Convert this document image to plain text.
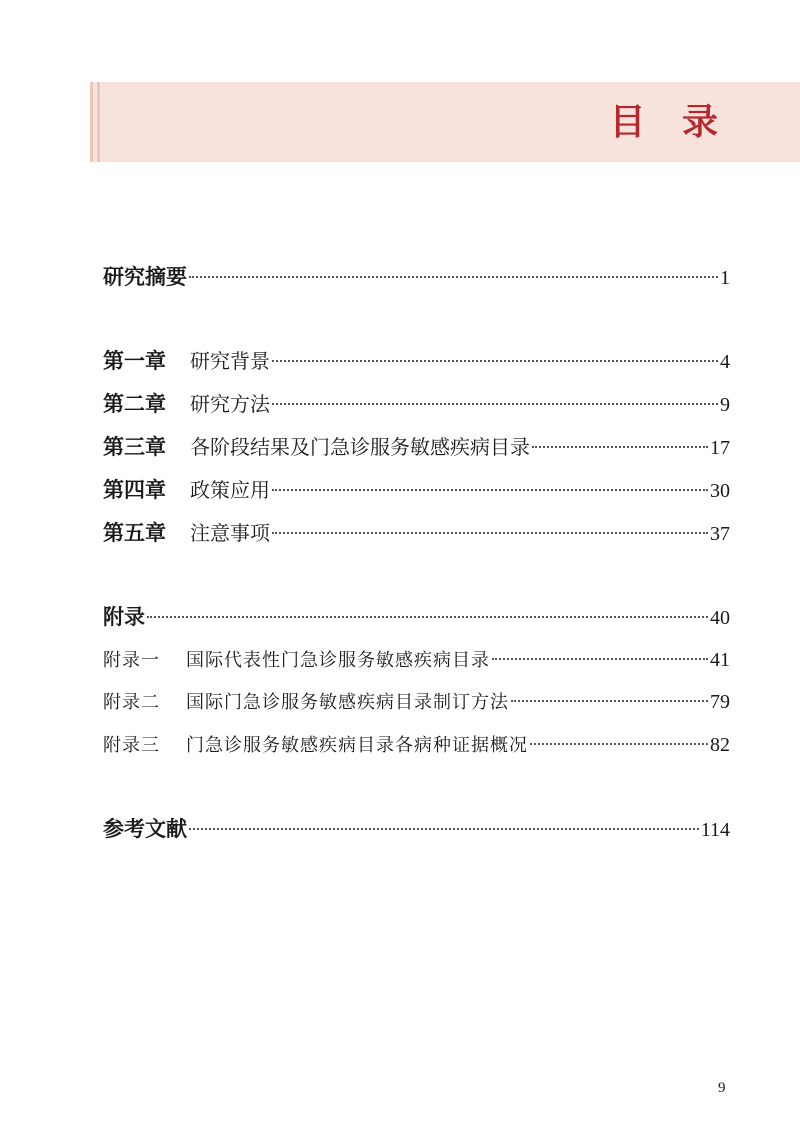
目 录
研究摘要	1
第一章 研究背景	4
第二章 研究方法	9
第三章 各阶段结果及门急诊服务敏感疾病目录	17
第四章 政策应用	30
第五章 注意事项	37
附录	40
附录一 国际代表性门急诊服务敏感疾病目录	41
附录二 国际门急诊服务敏感疾病目录制订方法	79
附录三 门急诊服务敏感疾病目录各病种证据概况	82
参考文献	114
9
